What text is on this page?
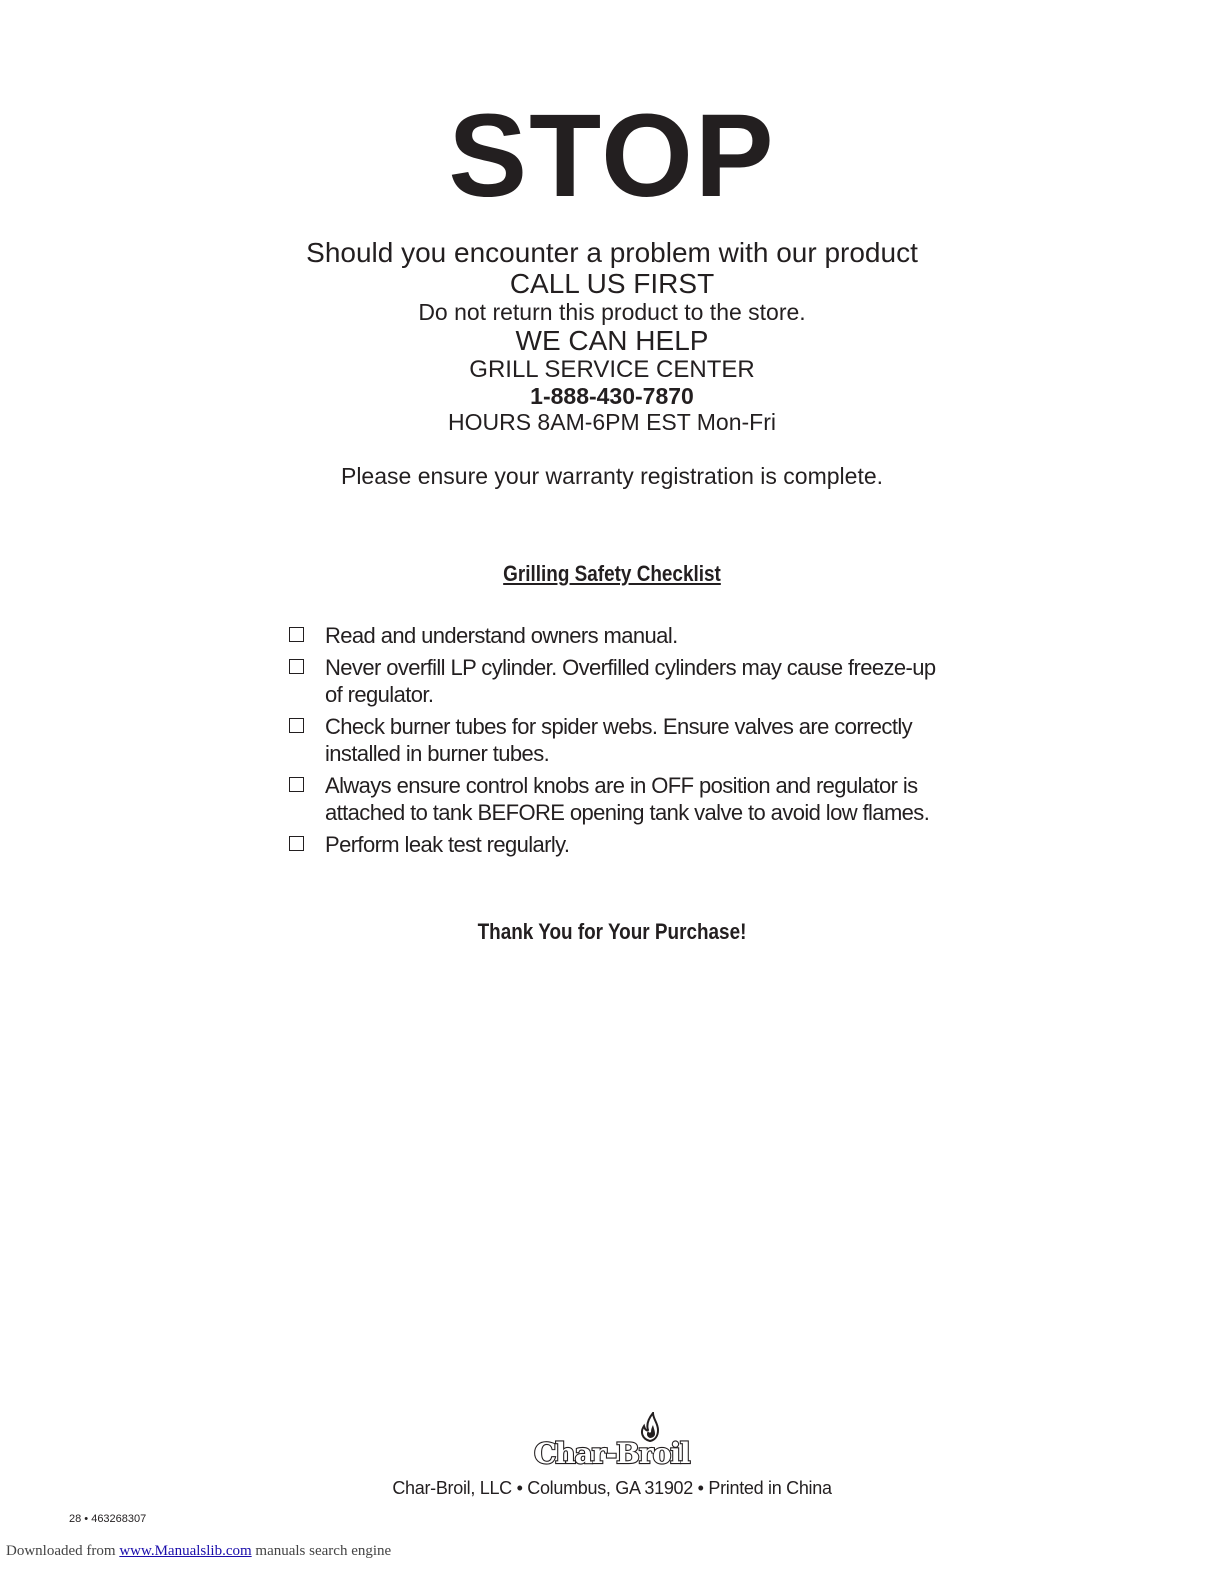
STOP
Should you encounter a problem with our product
CALL US FIRST
Do not return this product to the store.
WE CAN HELP
GRILL SERVICE CENTER
1-888-430-7870
HOURS 8AM-6PM EST Mon-Fri
Please ensure your warranty registration is complete.
Grilling Safety Checklist
Read and understand owners manual.
Never overfill LP cylinder. Overfilled cylinders may cause freeze-up of regulator.
Check burner tubes for spider webs. Ensure valves are correctly installed in burner tubes.
Always ensure control knobs are in OFF position and regulator is attached to tank BEFORE opening tank valve to avoid low flames.
Perform leak test regularly.
Thank You for Your Purchase!
Char-Broil
Char-Broil, LLC • Columbus, GA 31902 • Printed in China
28 • 463268307
Downloaded from www.Manualslib.com manuals search engine
